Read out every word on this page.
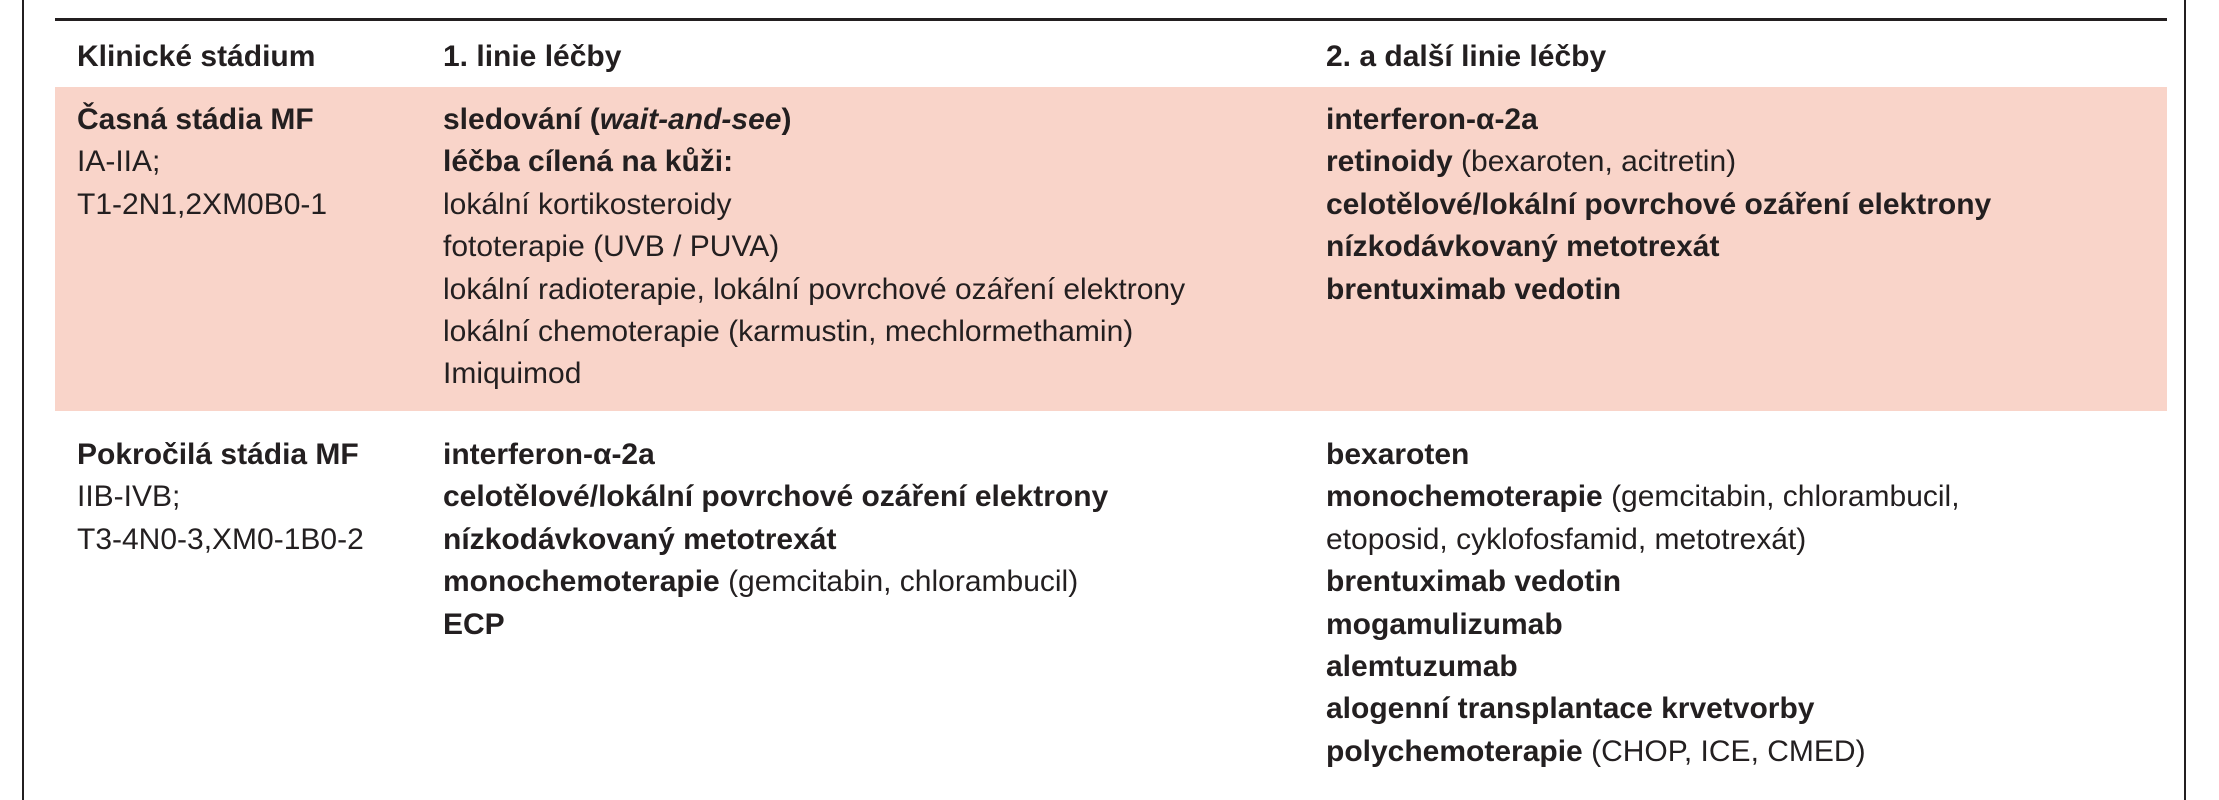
Klinické stádium	1. linie léčby	2. a další linie léčby
Časná stádia MF
IA-IIA;
T1-2N1,2XM0B0-1
sledování (wait-and-see)
léčba cílená na kůži:
lokální kortikosteroidy
fototerapie (UVB / PUVA)
lokální radioterapie, lokální povrchové ozáření elektrony
lokální chemoterapie (karmustin, mechlormethamin)
Imiquimod
interferon-α-2a
retinoidy (bexaroten, acitretin)
celotělové/lokální povrchové ozáření elektrony
nízkodávkovaný metotrexát
brentuximab vedotin
Pokročilá stádia MF
IIB-IVB;
T3-4N0-3,XM0-1B0-2
interferon-α-2a
celotělové/lokální povrchové ozáření elektrony
nízkodávkovaný metotrexát
monochemoterapie (gemcitabin, chlorambucil)
ECP
bexaroten
monochemoterapie (gemcitabin, chlorambucil,
etoposid, cyklofosfamid, metotrexát)
brentuximab vedotin
mogamulizumab
alemtuzumab
alogenní transplantace krvetvorby
polychemoterapie (CHOP, ICE, CMED)
